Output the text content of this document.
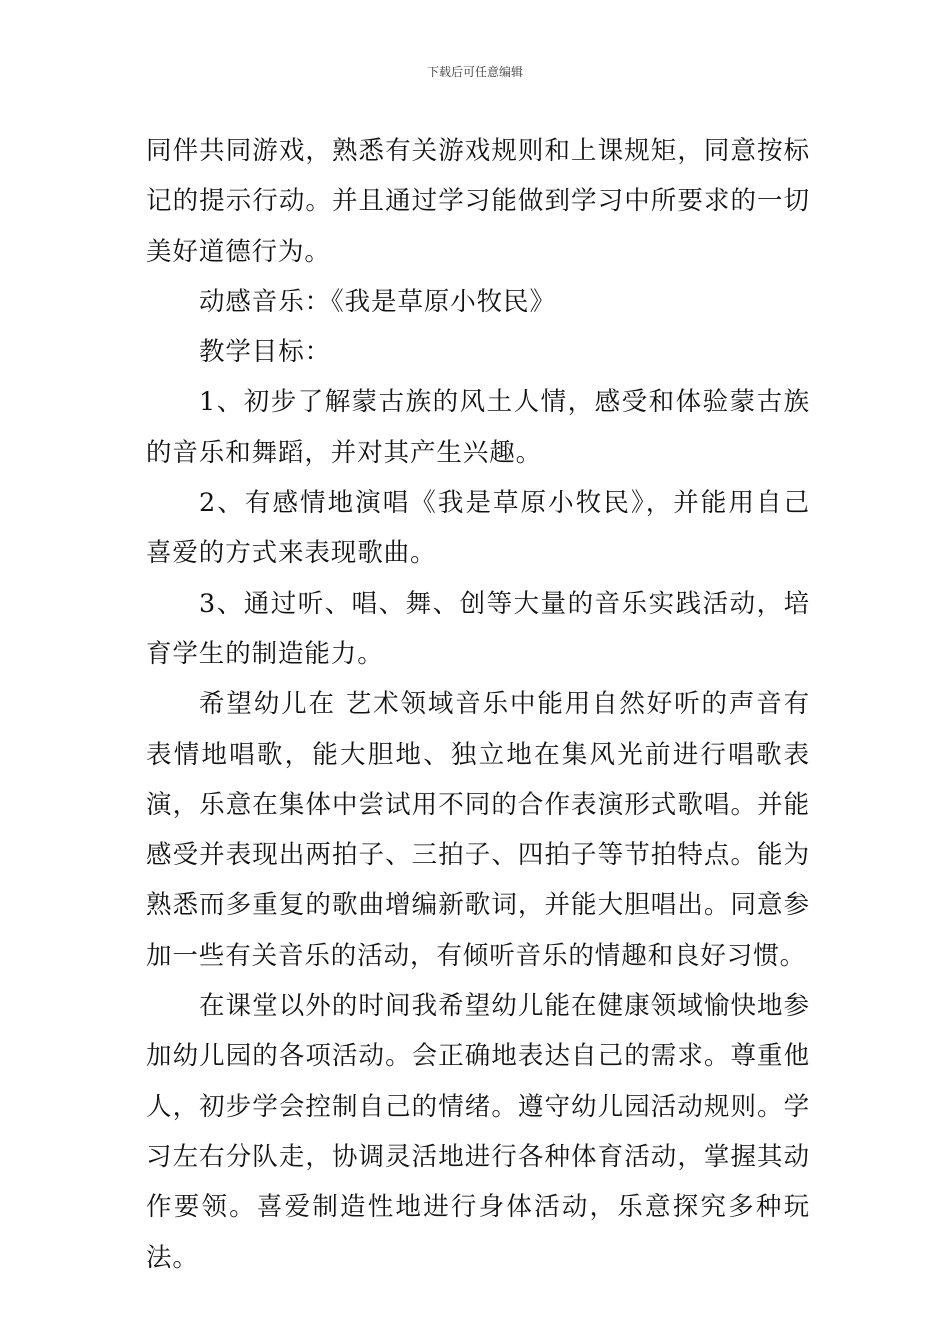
下载后可任意编辑

同伴共同游戏，熟悉有关游戏规则和上课规矩，同意按标记的提示行动。并且通过学习能做到学习中所要求的一切美好道德行为。

动感音乐：《我是草原小牧民》

教学目标：

1、初步了解蒙古族的风土人情，感受和体验蒙古族的音乐和舞蹈，并对其产生兴趣。

2、有感情地演唱《我是草原小牧民》，并能用自己喜爱的方式来表现歌曲。

3、通过听、唱、舞、创等大量的音乐实践活动，培育学生的制造能力。

希望幼儿在 艺术领域音乐中能用自然好听的声音有表情地唱歌，能大胆地、独立地在集风光前进行唱歌表演，乐意在集体中尝试用不同的合作表演形式歌唱。并能感受并表现出两拍子、三拍子、四拍子等节拍特点。能为熟悉而多重复的歌曲增编新歌词，并能大胆唱出。同意参加一些有关音乐的活动，有倾听音乐的情趣和良好习惯。

在课堂以外的时间我希望幼儿能在健康领域愉快地参加幼儿园的各项活动。会正确地表达自己的需求。尊重他人，初步学会控制自己的情绪。遵守幼儿园活动规则。学习左右分队走，协调灵活地进行各种体育活动，掌握其动作要领。喜爱制造性地进行身体活动，乐意探究多种玩法。
